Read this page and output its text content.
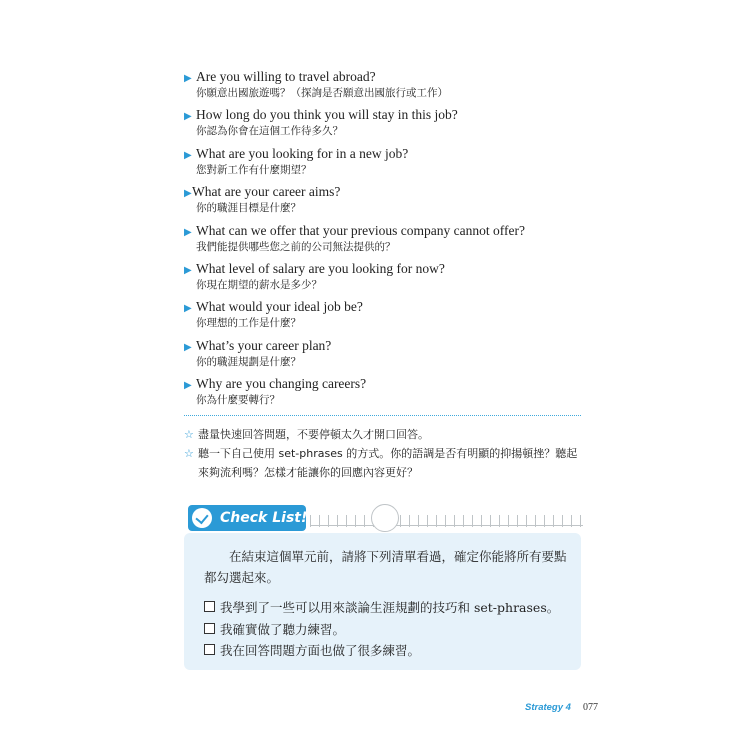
▶ Are you willing to travel abroad?
你願意出國旅遊嗎？（探詢是否願意出國旅行或工作）
▶ How long do you think you will stay in this job?
你認為你會在這個工作待多久？
▶ What are you looking for in a new job?
您對新工作有什麼期望？
▶What are your career aims?
你的職涯目標是什麼？
▶ What can we offer that your previous company cannot offer?
我們能提供哪些您之前的公司無法提供的？
▶ What level of salary are you looking for now?
你現在期望的薪水是多少？
▶ What would your ideal job be?
你理想的工作是什麼？
▶ What’s your career plan?
你的職涯規劃是什麼？
▶ Why are you changing careers?
你為什麼要轉行？
☆ 盡量快速回答問題，不要停頓太久才開口回答。
☆ 聽一下自己使用 set-phrases 的方式。你的語調是否有明顯的抑揚頓挫？聽起來夠流利嗎？怎樣才能讓你的回應內容更好？
Check List!
在結束這個單元前，請將下列清單看過，確定你能將所有要點都勾選起來。
我學到了一些可以用來談論生涯規劃的技巧和 set-phrases。
我確實做了聽力練習。
我在回答問題方面也做了很多練習。
Strategy 4 077
